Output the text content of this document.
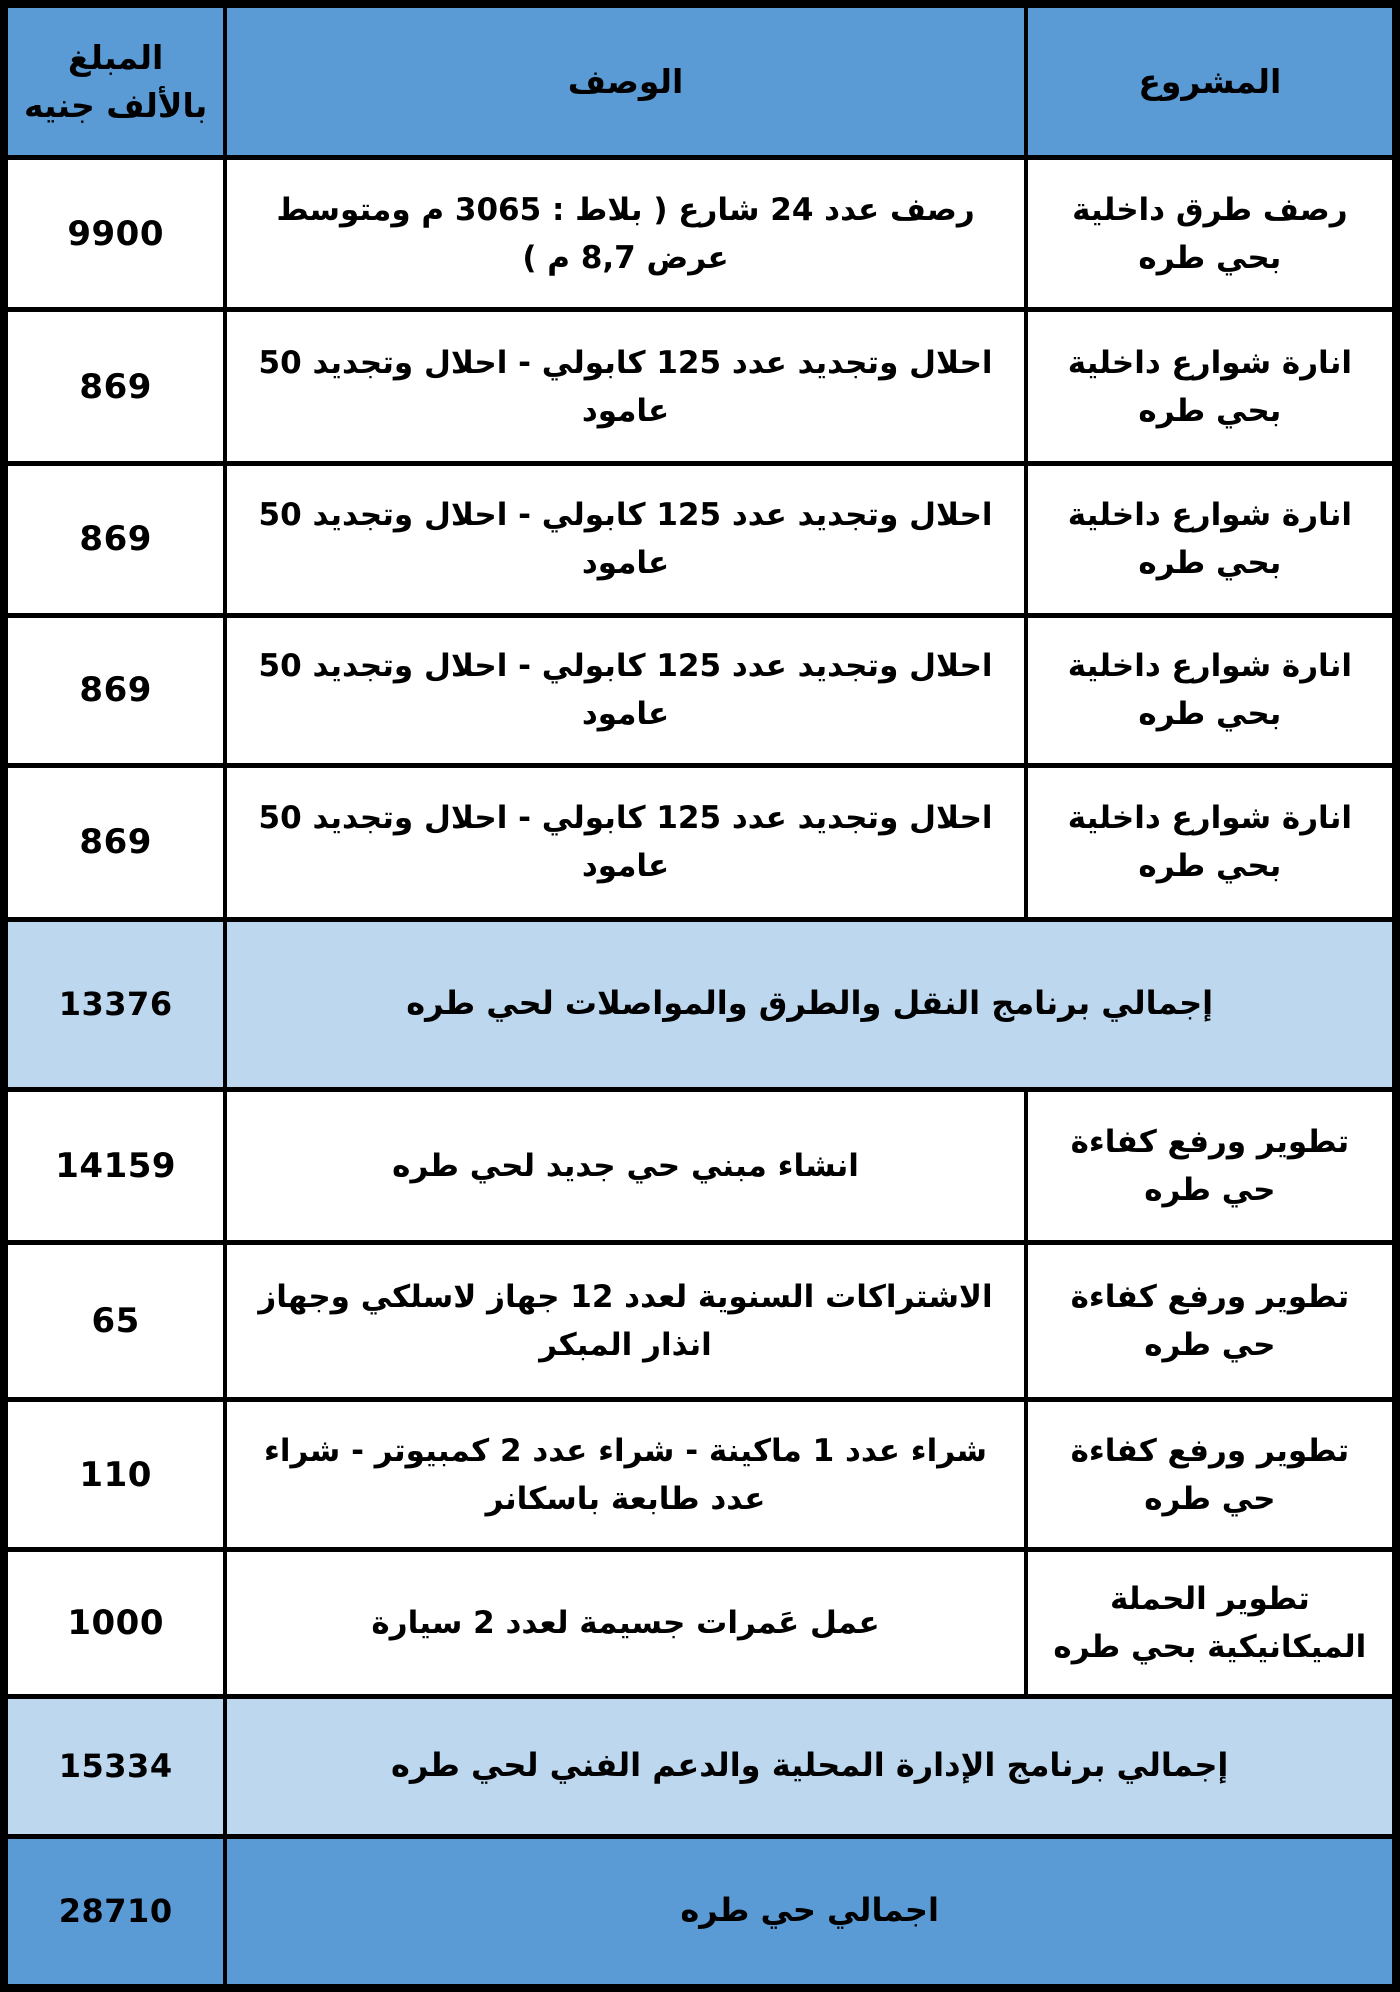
المشروع	الوصف	المبلغ
بالألف جنيه

رصف طرق داخلية بحي طره	رصف عدد 24 شارع ( بلاط : 3065 م ومتوسط عرض 8,7 م )	9900
انارة شوارع داخلية بحي طره	احلال وتجديد عدد 125 كابولي - احلال وتجديد 50 عامود	869
انارة شوارع داخلية بحي طره	احلال وتجديد عدد 125 كابولي - احلال وتجديد 50 عامود	869
انارة شوارع داخلية بحي طره	احلال وتجديد عدد 125 كابولي - احلال وتجديد 50 عامود	869
انارة شوارع داخلية بحي طره	احلال وتجديد عدد 125 كابولي - احلال وتجديد 50 عامود	869
إجمالي برنامج النقل والطرق والمواصلات لحي طره		13376
تطوير ورفع كفاءة حي طره	انشاء مبني حي جديد لحي طره	14159
تطوير ورفع كفاءة حي طره	الاشتراكات السنوية لعدد 12 جهاز لاسلكي وجهاز انذار المبكر	65
تطوير ورفع كفاءة حي طره	شراء عدد 1 ماكينة - شراء عدد 2 كمبيوتر - شراء عدد طابعة باسكانر	110
تطوير الحملة الميكانيكية بحي طره	عمل عَمرات جسيمة لعدد 2 سيارة	1000
إجمالي برنامج الإدارة المحلية والدعم الفني لحي طره		15334
اجمالي حي طره		28710
